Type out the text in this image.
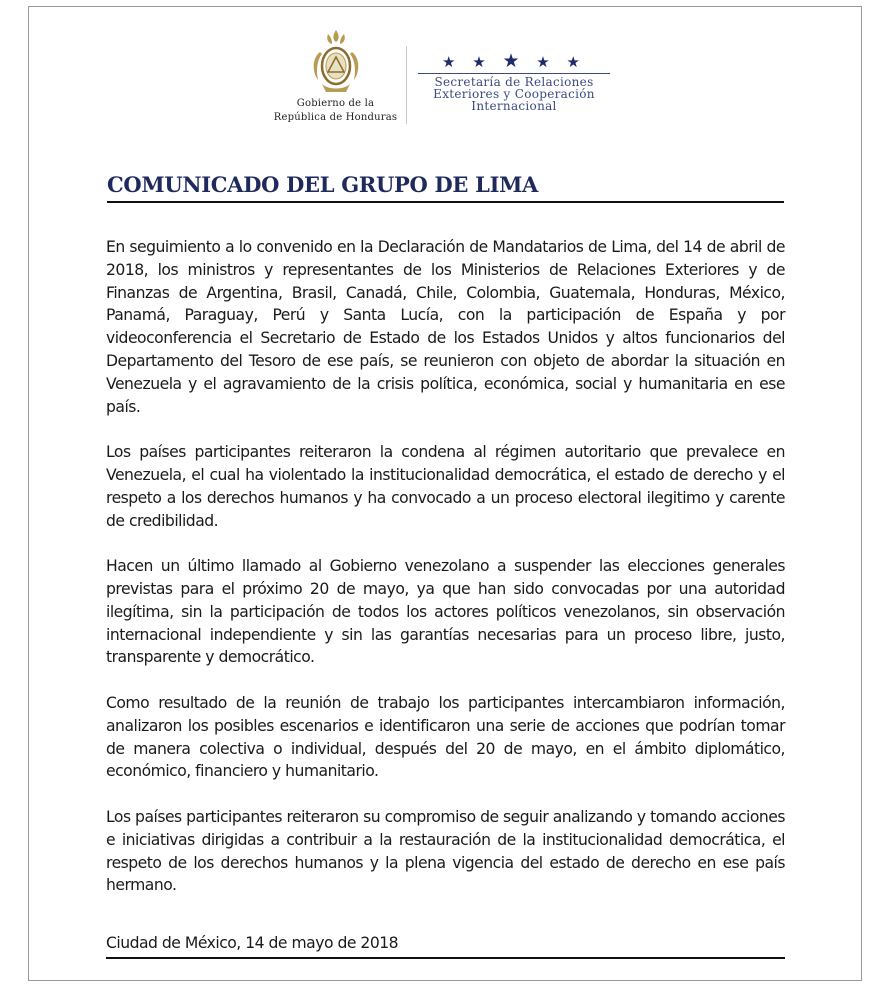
Gobierno de la
República de Honduras
★ ★ ★ ★ ★
Secretaría de Relaciones
Exteriores y Cooperación
Internacional
COMUNICADO DEL GRUPO DE LIMA

En seguimiento a lo convenido en la Declaración de Mandatarios de Lima, del 14 de abril de 2018, los ministros y representantes de los Ministerios de Relaciones Exteriores y de Finanzas de Argentina, Brasil, Canadá, Chile, Colombia, Guatemala, Honduras, México, Panamá, Paraguay, Perú y Santa Lucía, con la participación de España y por videoconferencia el Secretario de Estado de los Estados Unidos y altos funcionarios del Departamento del Tesoro de ese país, se reunieron con objeto de abordar la situación en Venezuela y el agravamiento de la crisis política, económica, social y humanitaria en ese país.

Los países participantes reiteraron la condena al régimen autoritario que prevalece en Venezuela, el cual ha violentado la institucionalidad democrática, el estado de derecho y el respeto a los derechos humanos y ha convocado a un proceso electoral ilegitimo y carente de credibilidad.

Hacen un último llamado al Gobierno venezolano a suspender las elecciones generales previstas para el próximo 20 de mayo, ya que han sido convocadas por una autoridad ilegítima, sin la participación de todos los actores políticos venezolanos, sin observación internacional independiente y sin las garantías necesarias para un proceso libre, justo, transparente y democrático.

Como resultado de la reunión de trabajo los participantes intercambiaron información, analizaron los posibles escenarios e identificaron una serie de acciones que podrían tomar de manera colectiva o individual, después del 20 de mayo, en el ámbito diplomático, económico, financiero y humanitario.

Los países participantes reiteraron su compromiso de seguir analizando y tomando acciones e iniciativas dirigidas a contribuir a la restauración de la institucionalidad democrática, el respeto de los derechos humanos y la plena vigencia del estado de derecho en ese país hermano.

Ciudad de México, 14 de mayo de 2018
